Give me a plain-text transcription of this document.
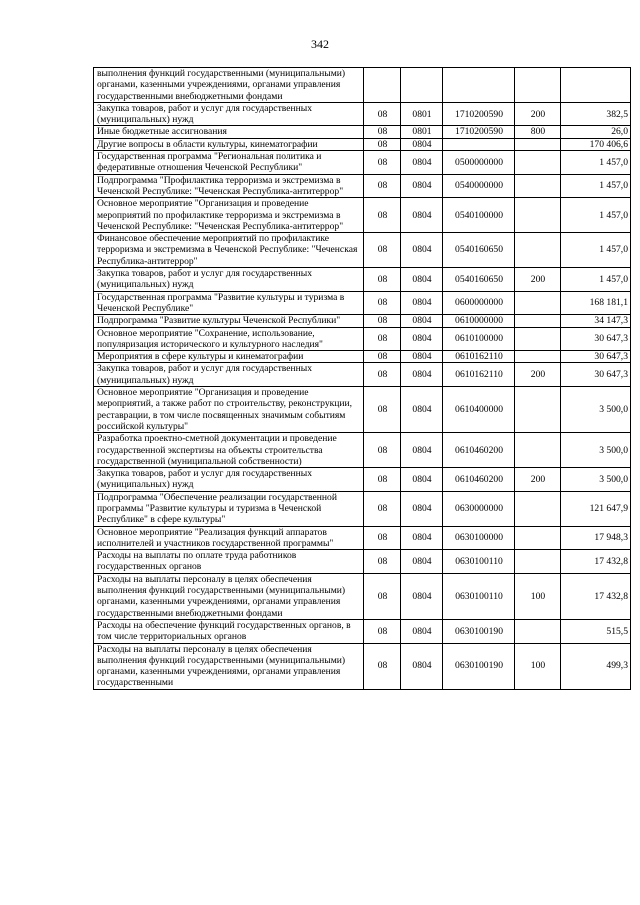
342
выполнения функций государственными (муниципальными) органами, казенными учреждениями, органами управления государственными внебюджетными фондами					
Закупка товаров, работ и услуг для государственных (муниципальных) нужд	08	0801	1710200590	200	382,5
Иные бюджетные ассигнования	08	0801	1710200590	800	26,0
Другие вопросы в области культуры, кинематографии	08	0804			170 406,6
Государственная программа "Региональная политика и федеративные отношения Чеченской Республики"	08	0804	0500000000		1 457,0
Подпрограмма "Профилактика терроризма и экстремизма в Чеченской Республике: "Чеченская Республика-антитеррор"	08	0804	0540000000		1 457,0
Основное мероприятие "Организация и проведение мероприятий по профилактике терроризма и экстремизма в Чеченской Республике: "Чеченская Республика-антитеррор"	08	0804	0540100000		1 457,0
Финансовое обеспечение мероприятий по профилактике терроризма и экстремизма в Чеченской Республике: "Чеченская Республика-антитеррор"	08	0804	0540160650		1 457,0
Закупка товаров, работ и услуг для государственных (муниципальных) нужд	08	0804	0540160650	200	1 457,0
Государственная программа "Развитие культуры и туризма в Чеченской Республике"	08	0804	0600000000		168 181,1
Подпрограмма "Развитие культуры Чеченской Республики"	08	0804	0610000000		34 147,3
Основное мероприятие "Сохранение, использование, популяризация исторического и культурного наследия"	08	0804	0610100000		30 647,3
Мероприятия в сфере культуры и кинематографии	08	0804	0610162110		30 647,3
Закупка товаров, работ и услуг для государственных (муниципальных) нужд	08	0804	0610162110	200	30 647,3
Основное мероприятие "Организация и проведение мероприятий, а также работ по строительству, реконструкции, реставрации, в том числе посвященных значимым событиям российской культуры"	08	0804	0610400000		3 500,0
Разработка проектно-сметной документации и проведение государственной экспертизы на объекты строительства государственной (муниципальной собственности)	08	0804	0610460200		3 500,0
Закупка товаров, работ и услуг для государственных (муниципальных) нужд	08	0804	0610460200	200	3 500,0
Подпрограмма "Обеспечение реализации государственной программы "Развитие культуры и туризма в Чеченской Республике" в сфере культуры"	08	0804	0630000000		121 647,9
Основное мероприятие "Реализация функций аппаратов исполнителей и участников государственной программы"	08	0804	0630100000		17 948,3
Расходы на выплаты по оплате труда работников государственных органов	08	0804	0630100110		17 432,8
Расходы на выплаты персоналу в целях обеспечения выполнения функций государственными (муниципальными) органами, казенными учреждениями, органами управления государственными внебюджетными фондами	08	0804	0630100110	100	17 432,8
Расходы на обеспечение функций государственных органов, в том числе территориальных органов	08	0804	0630100190		515,5
Расходы на выплаты персоналу в целях обеспечения выполнения функций государственными (муниципальными) органами, казенными учреждениями, органами управления государственными	08	0804	0630100190	100	499,3
